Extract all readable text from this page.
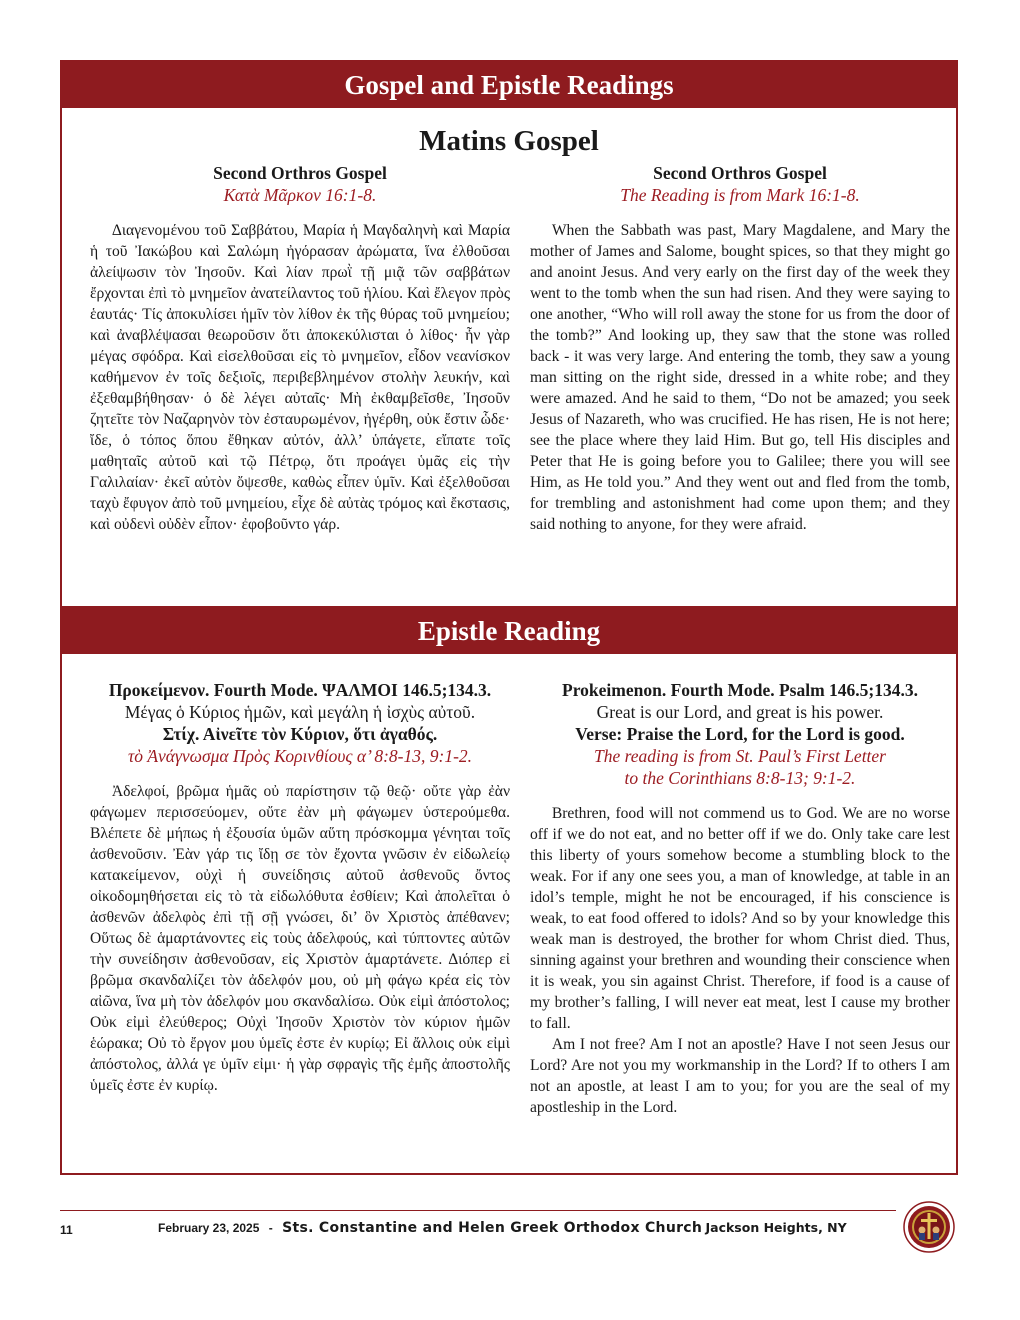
Gospel and Epistle Readings
Matins Gospel
Second Orthros Gospel
Κατὰ Μᾶρκον 16:1-8.

Διαγενομένου τοῦ Σαββάτου, Μαρία ἡ Μαγδαληνὴ καὶ Μαρία ἡ τοῦ Ἰακώβου καὶ Σαλώμη ἠγόρασαν ἀρώματα, ἵνα ἐλθοῦσαι ἀλείψωσιν τὸν Ἰησοῦν. Καὶ λίαν πρωῒ τῇ μιᾷ τῶν σαββάτων ἔρχονται ἐπὶ τὸ μνημεῖον ἀνατείλαντος τοῦ ἡλίου. Καὶ ἔλεγον πρὸς ἑαυτάς· Τίς ἀποκυλίσει ἡμῖν τὸν λίθον ἐκ τῆς θύρας τοῦ μνημείου; καὶ ἀναβλέψασαι θεωροῦσιν ὅτι ἀποκεκύλισται ὁ λίθος· ἦν γὰρ μέγας σφόδρα. Καὶ εἰσελθοῦσαι εἰς τὸ μνημεῖον, εἶδον νεανίσκον καθήμενον ἐν τοῖς δεξιοῖς, περιβεβλημένον στολὴν λευκήν, καὶ ἐξεθαμβήθησαν· ὁ δὲ λέγει αὐταῖς· Μὴ ἐκθαμβεῖσθε, Ἰησοῦν ζητεῖτε τὸν Ναζαρηνὸν τὸν ἐσταυρωμένον, ἠγέρθη, οὐκ ἔστιν ὧδε· ἴδε, ὁ τόπος ὅπου ἔθηκαν αὐτόν, ἀλλ’ ὑπάγετε, εἴπατε τοῖς μαθηταῖς αὐτοῦ καὶ τῷ Πέτρῳ, ὅτι προάγει ὑμᾶς εἰς τὴν Γαλιλαίαν· ἐκεῖ αὐτὸν ὄψεσθε, καθὼς εἶπεν ὑμῖν. Καὶ ἐξελθοῦσαι ταχὺ ἔφυγον ἀπὸ τοῦ μνημείου, εἶχε δὲ αὐτὰς τρόμος καὶ ἔκστασις, καὶ οὐδενὶ οὐδὲν εἶπον· ἐφοβοῦντο γάρ.

Second Orthros Gospel
The Reading is from Mark 16:1-8.

When the Sabbath was past, Mary Magdalene, and Mary the mother of James and Salome, bought spices, so that they might go and anoint Jesus. And very early on the first day of the week they went to the tomb when the sun had risen. And they were saying to one another, “Who will roll away the stone for us from the door of the tomb?” And looking up, they saw that the stone was rolled back - it was very large. And entering the tomb, they saw a young man sitting on the right side, dressed in a white robe; and they were amazed. And he said to them, “Do not be amazed; you seek Jesus of Nazareth, who was crucified. He has risen, He is not here; see the place where they laid Him. But go, tell His disciples and Peter that He is going before you to Galilee; there you will see Him, as He told you.” And they went out and fled from the tomb, for trembling and astonishment had come upon them; and they said nothing to anyone, for they were afraid.

Epistle Reading
Προκείμενον. Fourth Mode. ΨΑΛΜΟΙ 146.5;134.3.
Μέγας ὁ Κύριος ἡμῶν, καὶ μεγάλη ἡ ἰσχὺς αὐτοῦ.
Στίχ. Αἰνεῖτε τὸν Κύριον, ὅτι ἀγαθός.
τὸ Ἀνάγνωσμα Πρὸς Κορινθίους α’ 8:8-13, 9:1-2.

Ἀδελφοί, βρῶμα ἡμᾶς οὐ παρίστησιν τῷ θεῷ· οὔτε γὰρ ἐὰν φάγωμεν περισσεύομεν, οὔτε ἐὰν μὴ φάγωμεν ὑστερούμεθα. Βλέπετε δὲ μήπως ἡ ἐξουσία ὑμῶν αὕτη πρόσκομμα γένηται τοῖς ἀσθενοῦσιν. Ἐὰν γάρ τις ἴδῃ σε τὸν ἔχοντα γνῶσιν ἐν εἰδωλείῳ κατακείμενον, οὐχὶ ἡ συνείδησις αὐτοῦ ἀσθενοῦς ὄντος οἰκοδομηθήσεται εἰς τὸ τὰ εἰδωλόθυτα ἐσθίειν; Καὶ ἀπολεῖται ὁ ἀσθενῶν ἀδελφὸς ἐπὶ τῇ σῇ γνώσει, δι’ ὃν Χριστὸς ἀπέθανεν; Οὕτως δὲ ἁμαρτάνοντες εἰς τοὺς ἀδελφούς, καὶ τύπτοντες αὐτῶν τὴν συνείδησιν ἀσθενοῦσαν, εἰς Χριστὸν ἁμαρτάνετε. Διόπερ εἰ βρῶμα σκανδαλίζει τὸν ἀδελφόν μου, οὐ μὴ φάγω κρέα εἰς τὸν αἰῶνα, ἵνα μὴ τὸν ἀδελφόν μου σκανδαλίσω. Οὐκ εἰμὶ ἀπόστολος; Οὐκ εἰμὶ ἐλεύθερος; Οὐχὶ Ἰησοῦν Χριστὸν τὸν κύριον ἡμῶν ἑώρακα; Οὐ τὸ ἔργον μου ὑμεῖς ἐστε ἐν κυρίῳ; Εἰ ἄλλοις οὐκ εἰμὶ ἀπόστολος, ἀλλά γε ὑμῖν εἰμι· ἡ γὰρ σφραγὶς τῆς ἐμῆς ἀποστολῆς ὑμεῖς ἐστε ἐν κυρίῳ.

Prokeimenon. Fourth Mode. Psalm 146.5;134.3.
Great is our Lord, and great is his power.
Verse: Praise the Lord, for the Lord is good.
The reading is from St. Paul’s First Letter
to the Corinthians 8:8-13; 9:1-2.

Brethren, food will not commend us to God. We are no worse off if we do not eat, and no better off if we do. Only take care lest this liberty of yours somehow become a stumbling block to the weak. For if any one sees you, a man of knowledge, at table in an idol’s temple, might he not be encouraged, if his conscience is weak, to eat food offered to idols? And so by your knowledge this weak man is destroyed, the brother for whom Christ died. Thus, sinning against your brethren and wounding their conscience when it is weak, you sin against Christ. Therefore, if food is a cause of my brother’s falling, I will never eat meat, lest I cause my brother to fall.

Am I not free? Am I not an apostle? Have I not seen Jesus our Lord? Are not you my workmanship in the Lord? If to others I am not an apostle, at least I am to you; for you are the seal of my apostleship in the Lord.

11	February 23, 2025 - Sts. Constantine and Helen Greek Orthodox Church Jackson Heights, NY
